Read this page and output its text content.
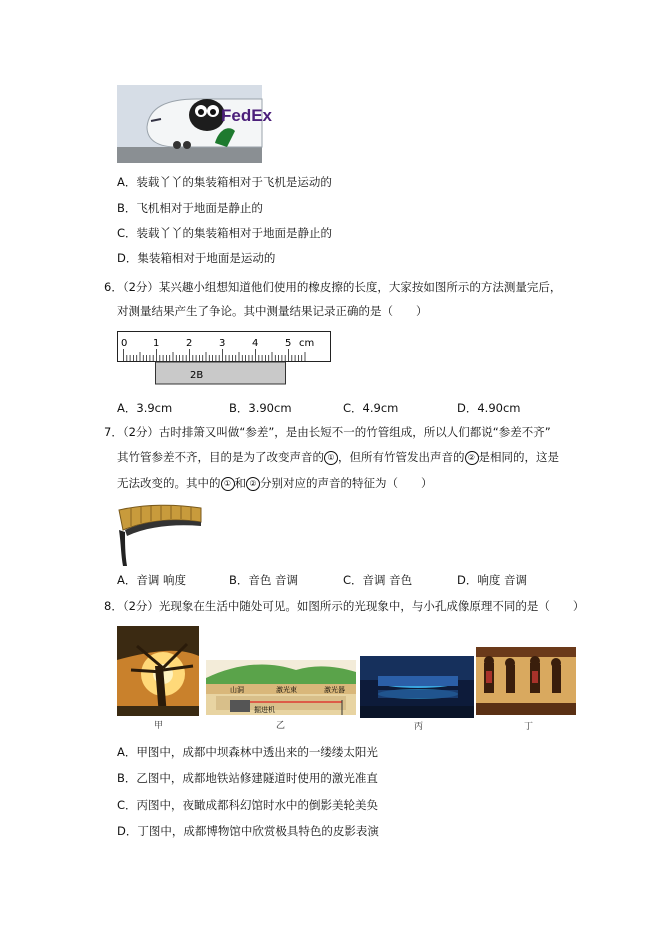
FedEx
A．装载丫丫的集装箱相对于飞机是运动的
B．飞机相对于地面是静止的
C．装载丫丫的集装箱相对于地面是静止的
D．集装箱相对于地面是运动的
6．（2分）某兴趣小组想知道他们使用的橡皮擦的长度，大家按如图所示的方法测量完后，
对测量结果产生了争论。其中测量结果记录正确的是（　　）
0	1	2	3	4	5 cm
2B
A．3.9cm	B．3.90cm	C．4.9cm	D．4.90cm
7．（2分）古时排箫又叫做“参差”，是由长短不一的竹管组成，所以人们都说“参差不齐”
其竹管参差不齐，目的是为了改变声音的 ① ，但所有竹管发出声音的 ② 是相同的，这是
无法改变的。其中的 ① 和 ② 分别对应的声音的特征为（　　）
A．音调 响度	B．音色 音调	C．音调 音色	D．响度 音调
8．（2分）光现象在生活中随处可见。如图所示的光现象中，与小孔成像原理不同的是（　　）
甲
山洞	激光束	激光器
掘进机
乙	丙	丁
A．甲图中，成都中坝森林中透出来的一缕缕太阳光
B．乙图中，成都地铁站修建隧道时使用的激光准直
C．丙图中，夜瞰成都科幻馆时水中的倒影美轮美奂
D．丁图中，成都博物馆中欣赏极具特色的皮影表演
